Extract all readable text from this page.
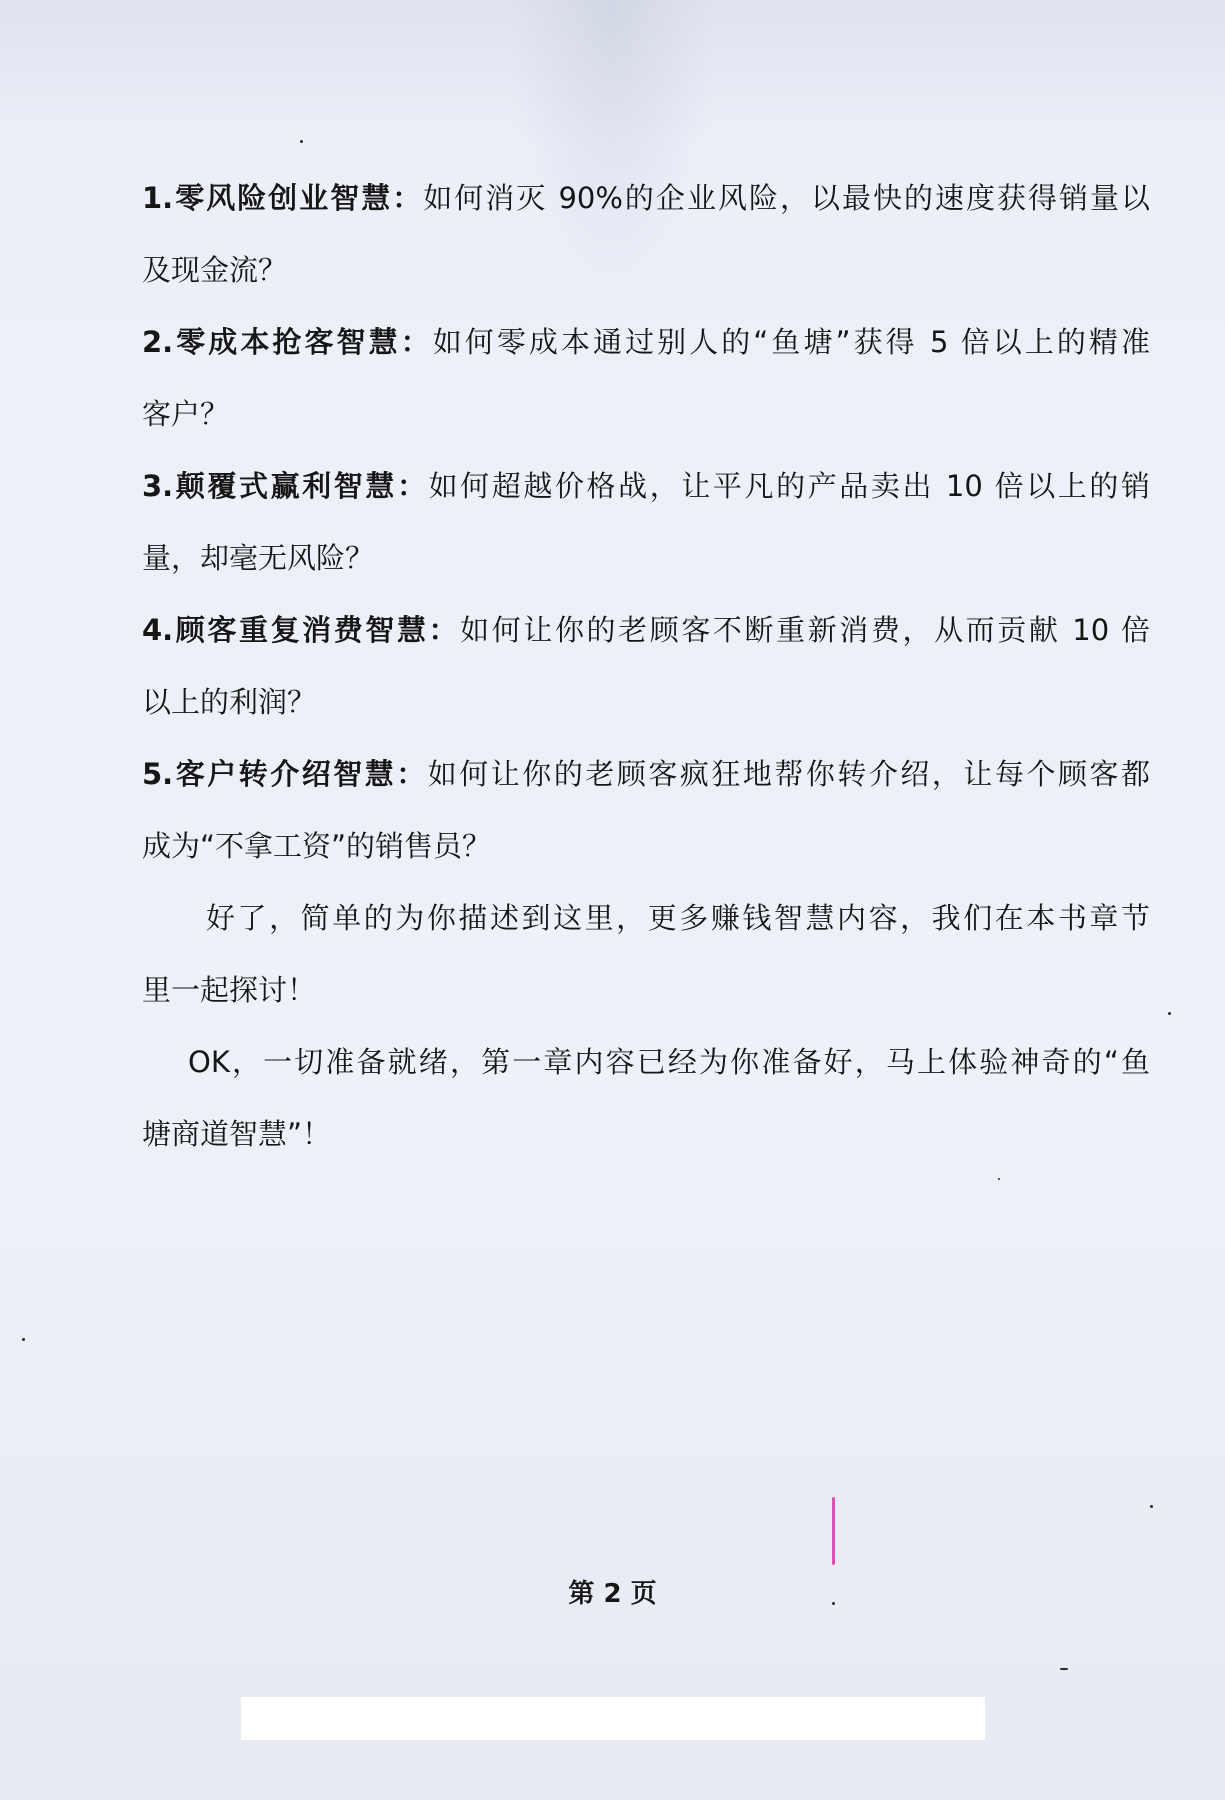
1.零风险创业智慧：如何消灭 90%的企业风险，以最快的速度获得销量以
及现金流？
2.零成本抢客智慧：如何零成本通过别人的“鱼塘”获得 5 倍以上的精准
客户？
3.颠覆式赢利智慧：如何超越价格战，让平凡的产品卖出 10 倍以上的销
量，却毫无风险？
4.顾客重复消费智慧：如何让你的老顾客不断重新消费，从而贡献 10 倍
以上的利润？
5.客户转介绍智慧：如何让你的老顾客疯狂地帮你转介绍，让每个顾客都
成为“不拿工资”的销售员？
好了，简单的为你描述到这里，更多赚钱智慧内容，我们在本书章节
里一起探讨！
OK，一切准备就绪，第一章内容已经为你准备好，马上体验神奇的“鱼
塘商道智慧”！
第 2 页
